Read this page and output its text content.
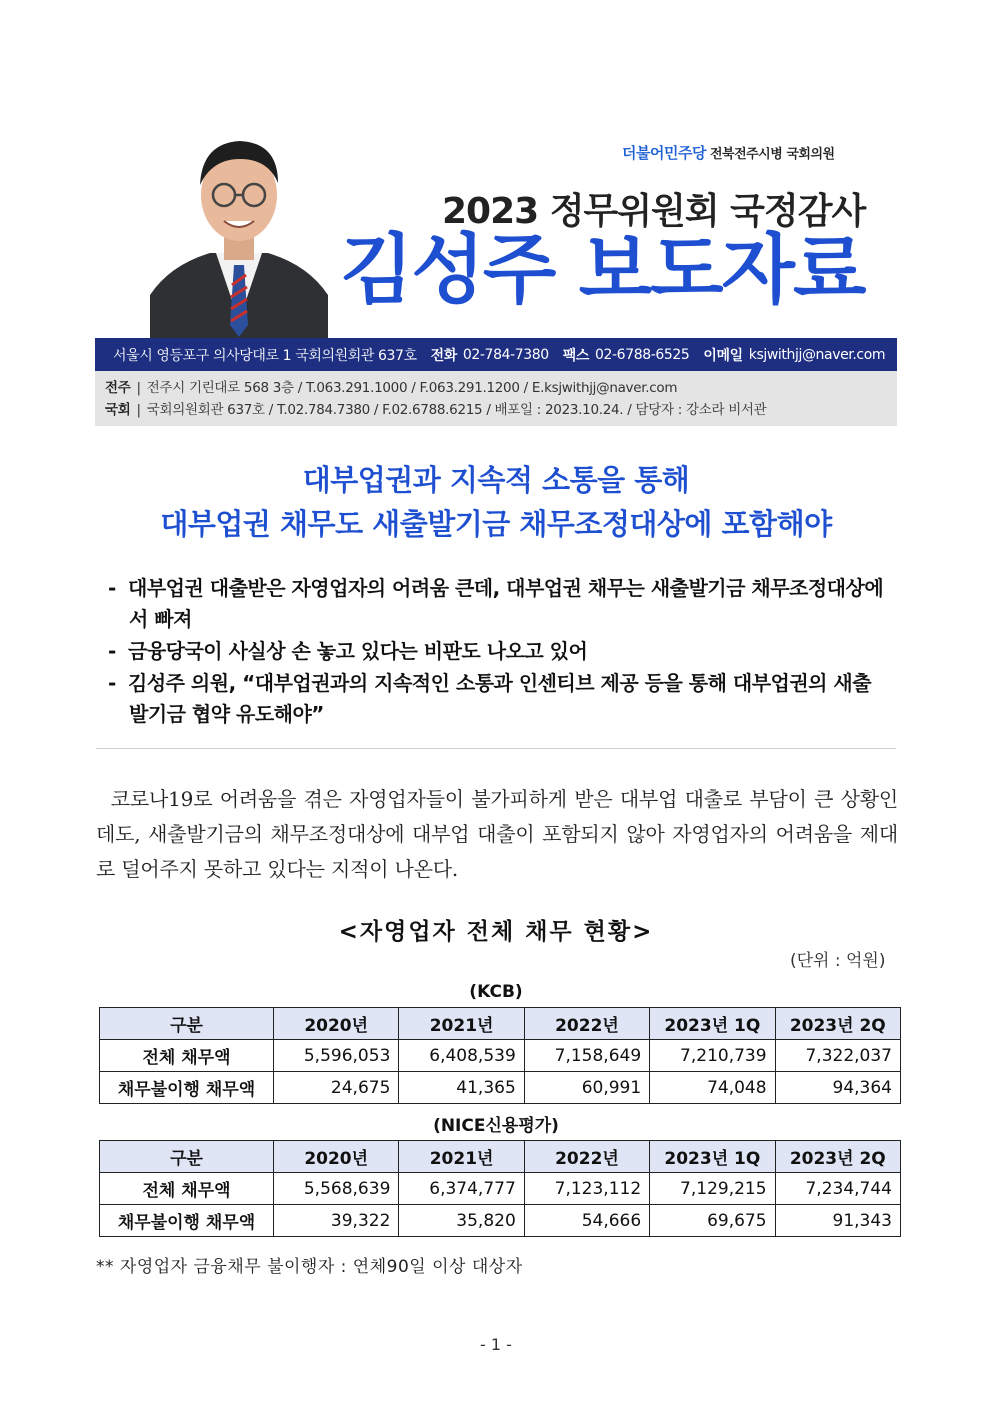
더불어민주당 전북전주시병 국회의원
2023 정무위원회 국정감사
김성주 보도자료
서울시 영등포구 의사당대로 1 국회의원회관 637호 전화 02-784-7380 팩스 02-6788-6525 이메일 ksjwithjj@naver.com
전주 | 전주시 기린대로 568 3층 / T.063.291.1000 / F.063.291.1200 / E.ksjwithjj@naver.com
국회 | 국회의원회관 637호 / T.02.784.7380 / F.02.6788.6215 / 배포일 : 2023.10.24. / 담당자 : 강소라 비서관
대부업권과 지속적 소통을 통해
대부업권 채무도 새출발기금 채무조정대상에 포함해야
- 대부업권 대출받은 자영업자의 어려움 큰데, 대부업권 채무는 새출발기금 채무조정대상에
서 빠져
- 금융당국이 사실상 손 놓고 있다는 비판도 나오고 있어
- 김성주 의원, “대부업권과의 지속적인 소통과 인센티브 제공 등을 통해 대부업권의 새출
발기금 협약 유도해야”
코로나19로 어려움을 겪은 자영업자들이 불가피하게 받은 대부업 대출로 부담이 큰 상황인데도, 새출발기금의 채무조정대상에 대부업 대출이 포함되지 않아 자영업자의 어려움을 제대로 덜어주지 못하고 있다는 지적이 나온다.
<자영업자 전체 채무 현황>
(단위 : 억원)
(KCB)
구분	2020년	2021년	2022년	2023년 1Q	2023년 2Q
전체 채무액	5,596,053	6,408,539	7,158,649	7,210,739	7,322,037
채무불이행 채무액	24,675	41,365	60,991	74,048	94,364
(NICE신용평가)
구분	2020년	2021년	2022년	2023년 1Q	2023년 2Q
전체 채무액	5,568,639	6,374,777	7,123,112	7,129,215	7,234,744
채무불이행 채무액	39,322	35,820	54,666	69,675	91,343
** 자영업자 금융채무 불이행자 : 연체90일 이상 대상자
- 1 -
